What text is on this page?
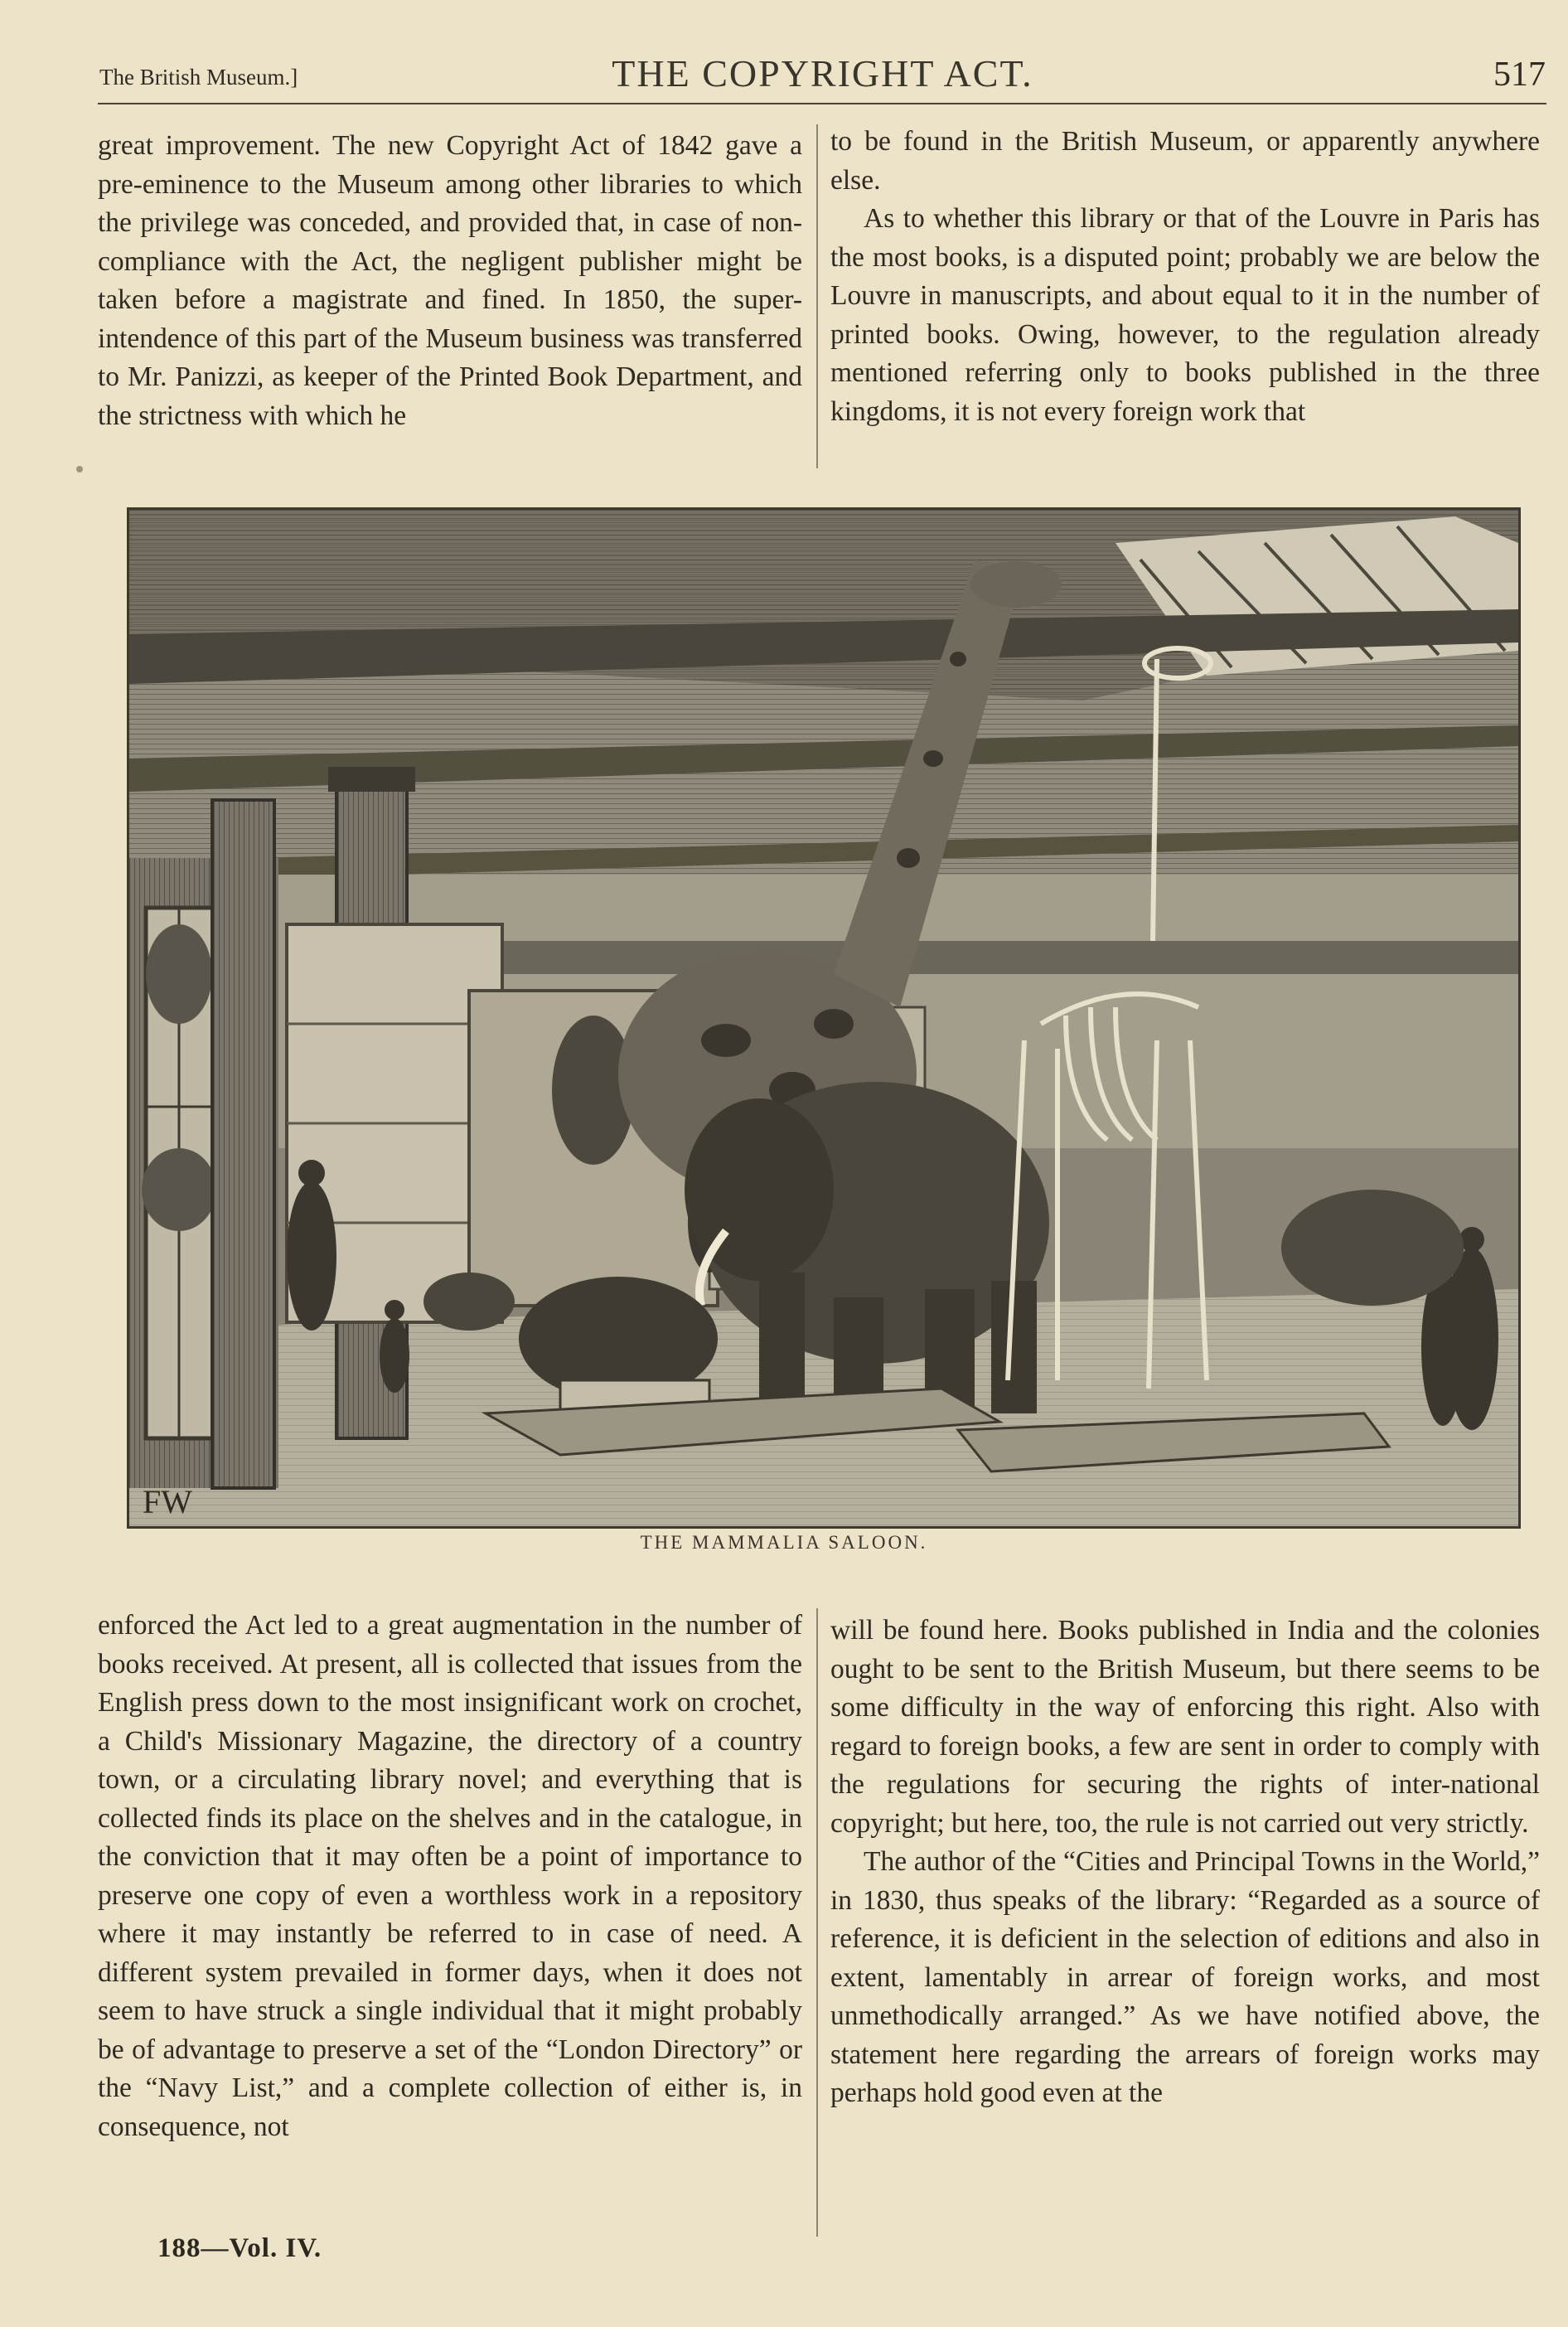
The British Museum.]	THE COPYRIGHT ACT.	517

great improvement. The new Copyright Act of 1842 gave a pre-eminence to the Museum among other libraries to which the privilege was conceded, and provided that, in case of non-compliance with the Act, the negligent publisher might be taken before a magistrate and fined. In 1850, the super-intendence of this part of the Museum business was transferred to Mr. Panizzi, as keeper of the Printed Book Department, and the strictness with which he

to be found in the British Museum, or apparently anywhere else.

As to whether this library or that of the Louvre in Paris has the most books, is a disputed point; probably we are below the Louvre in manuscripts, and about equal to it in the number of printed books. Owing, however, to the regulation already mentioned referring only to books published in the three kingdoms, it is not every foreign work that

FW
THE MAMMALIA SALOON.

enforced the Act led to a great augmentation in the number of books received. At present, all is collected that issues from the English press down to the most insignificant work on crochet, a Child's Missionary Magazine, the directory of a country town, or a circulating library novel; and everything that is collected finds its place on the shelves and in the catalogue, in the conviction that it may often be a point of importance to preserve one copy of even a worthless work in a repository where it may instantly be referred to in case of need. A different system prevailed in former days, when it does not seem to have struck a single individual that it might probably be of advantage to preserve a set of the “London Directory” or the “Navy List,” and a complete collection of either is, in consequence, not

will be found here. Books published in India and the colonies ought to be sent to the British Museum, but there seems to be some difficulty in the way of enforcing this right. Also with regard to foreign books, a few are sent in order to comply with the regulations for securing the rights of inter-national copyright; but here, too, the rule is not carried out very strictly.

The author of the “Cities and Principal Towns in the World,” in 1830, thus speaks of the library: “Regarded as a source of reference, it is deficient in the selection of editions and also in extent, lamentably in arrear of foreign works, and most unmethodically arranged.” As we have notified above, the statement here regarding the arrears of foreign works may perhaps hold good even at the

188—Vol. IV.
